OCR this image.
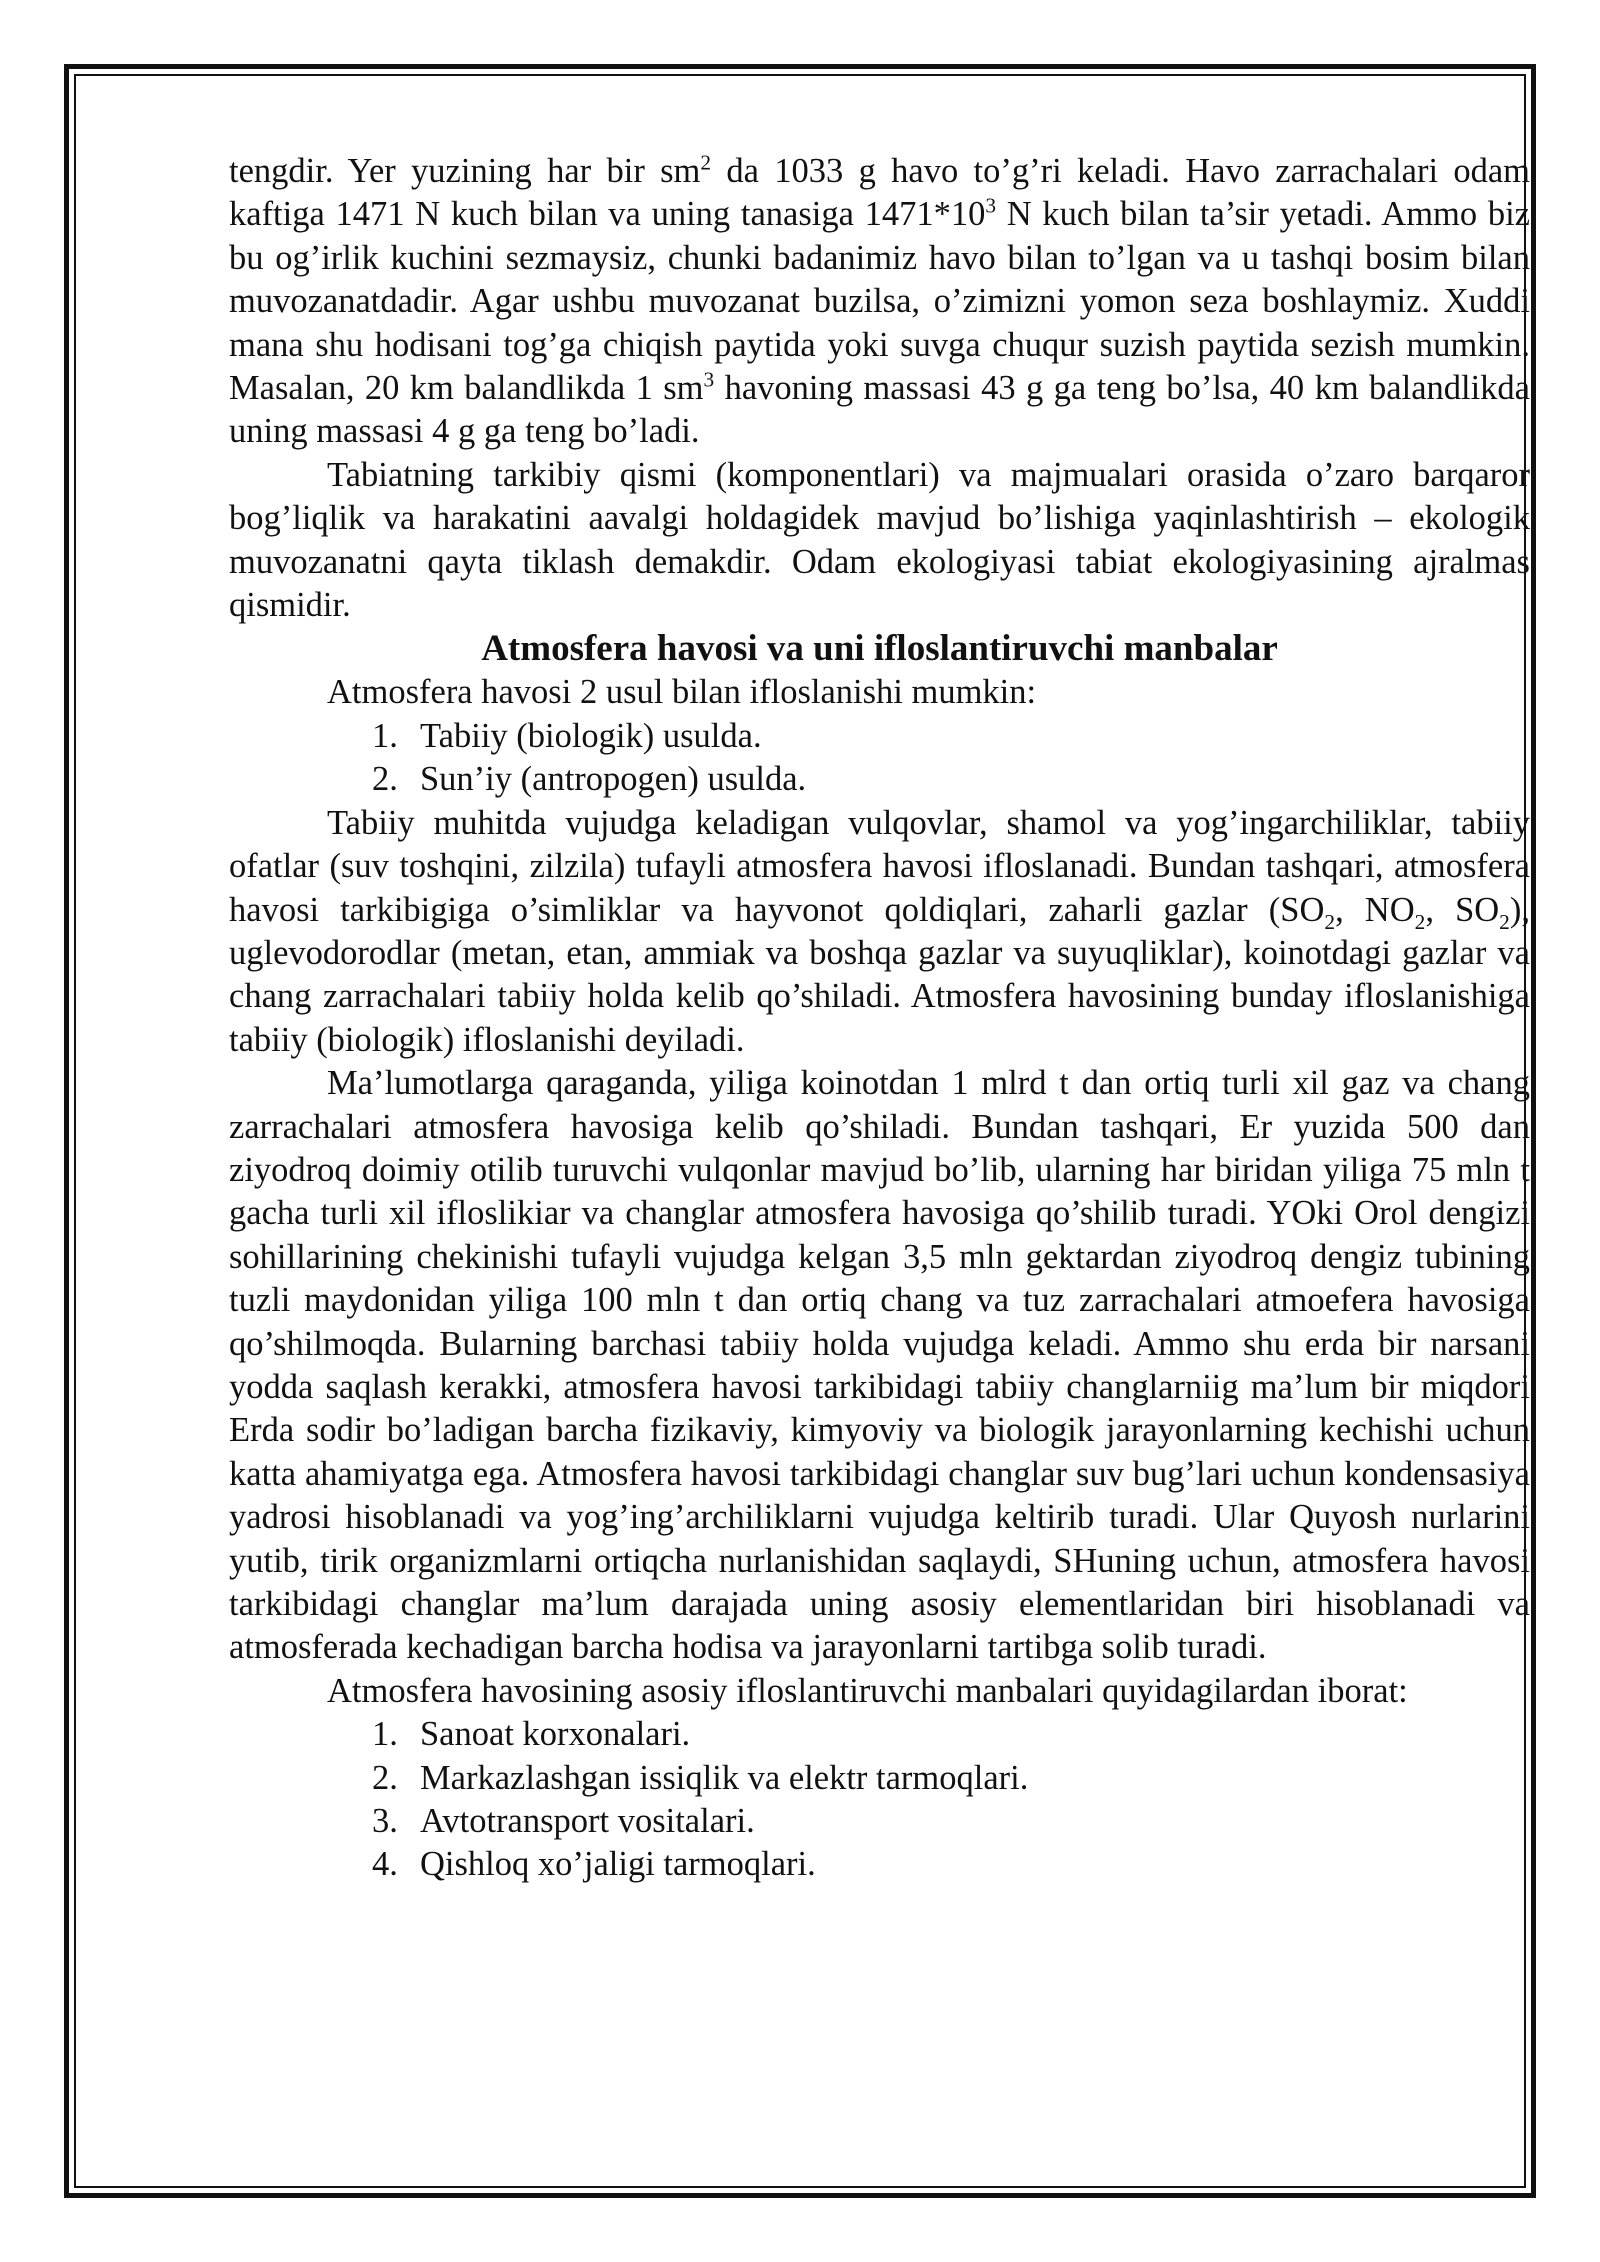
tengdir. Yer yuzining har bir $sm^2$ da 1033 g havo to’g’ri keladi. Havo zarrachalari odam kaftiga 1471 N kuch bilan va uning tanasiga $1471*10^3$ N kuch bilan ta’sir yetadi. Ammo biz bu og’irlik kuchini sezmaysiz, chunki badanimiz havo bilan to’lgan va u tashqi bosim bilan muvozanatdadir. Agar ushbu muvozanat buzilsa, o’zimizni yomon seza boshlaymiz. Xuddi mana shu hodisani tog’ga chiqish paytida yoki suvga chuqur suzish paytida sezish mumkin. Masalan, 20 km balandlikda 1 $sm^3$ havoning massasi 43 g ga teng bo’lsa, 40 km balandlikda uning massasi 4 g ga teng bo’ladi.

Tabiatning tarkibiy qismi (komponentlari) va majmualari orasida o’zaro barqaror bog’liqlik va harakatini aavalgi holdagidek mavjud bo’lishiga yaqinlashtirish – ekologik muvozanatni qayta tiklash demakdir. Odam ekologiyasi tabiat ekologiyasining ajralmas qismidir.

Atmosfera havosi va uni ifloslantiruvchi manbalar

Atmosfera havosi 2 usul bilan ifloslanishi mumkin:

1. Tabiiy (biologik) usulda.
2. Sun’iy (antropogen) usulda.

Tabiiy muhitda vujudga keladigan vulqovlar, shamol va yog’ingarchiliklar, tabiiy ofatlar (suv toshqini, zilzila) tufayli atmosfera havosi ifloslanadi. Bundan tashqari, atmosfera havosi tarkibigiga o’simliklar va hayvonot qoldiqlari, zaharli gazlar ($SO_2$, $NO_2$, $SO_2$), uglevodorodlar (metan, etan, ammiak va boshqa gazlar va suyuqliklar), koinotdagi gazlar va chang zarrachalari tabiiy holda kelib qo’shiladi. Atmosfera havosining bunday ifloslanishiga tabiiy (biologik) ifloslanishi deyiladi.

Ma’lumotlarga qaraganda, yiliga koinotdan 1 mlrd t dan ortiq turli xil gaz va chang zarrachalari atmosfera havosiga kelib qo’shiladi. Bundan tashqari, Er yuzida 500 dan ziyodroq doimiy otilib turuvchi vulqonlar mavjud bo’lib, ularning har biridan yiliga 75 mln t gacha turli xil ifloslikiar va changlar atmosfera havosiga qo’shilib turadi. YOki Orol dengizi sohillarining chekinishi tufayli vujudga kelgan 3,5 mln gektardan ziyodroq dengiz tubining tuzli maydonidan yiliga 100 mln t dan ortiq chang va tuz zarrachalari atmoefera havosiga qo’shilmoqda. Bularning barchasi tabiiy holda vujudga keladi. Ammo shu erda bir narsani yodda saqlash kerakki, atmosfera havosi tarkibidagi tabiiy changlarniig ma’lum bir miqdori Erda sodir bo’ladigan barcha fizikaviy, kimyoviy va biologik jarayonlarning kechishi uchun katta ahamiyatga ega. Atmosfera havosi tarkibidagi changlar suv bug’lari uchun kondensasiya yadrosi hisoblanadi va yog’ing’archiliklarni vujudga keltirib turadi. Ular Quyosh nurlarini yutib, tirik organizmlarni ortiqcha nurlanishidan saqlaydi, SHuning uchun, atmosfera havosi tarkibidagi changlar ma’lum darajada uning asosiy elementlaridan biri hisoblanadi va atmosferada kechadigan barcha hodisa va jarayonlarni tartibga solib turadi.

Atmosfera havosining asosiy ifloslantiruvchi manbalari quyidagilardan iborat:

1. Sanoat korxonalari.
2. Markazlashgan issiqlik va elektr tarmoqlari.
3. Avtotransport vositalari.
4. Qishloq xo’jaligi tarmoqlari.
